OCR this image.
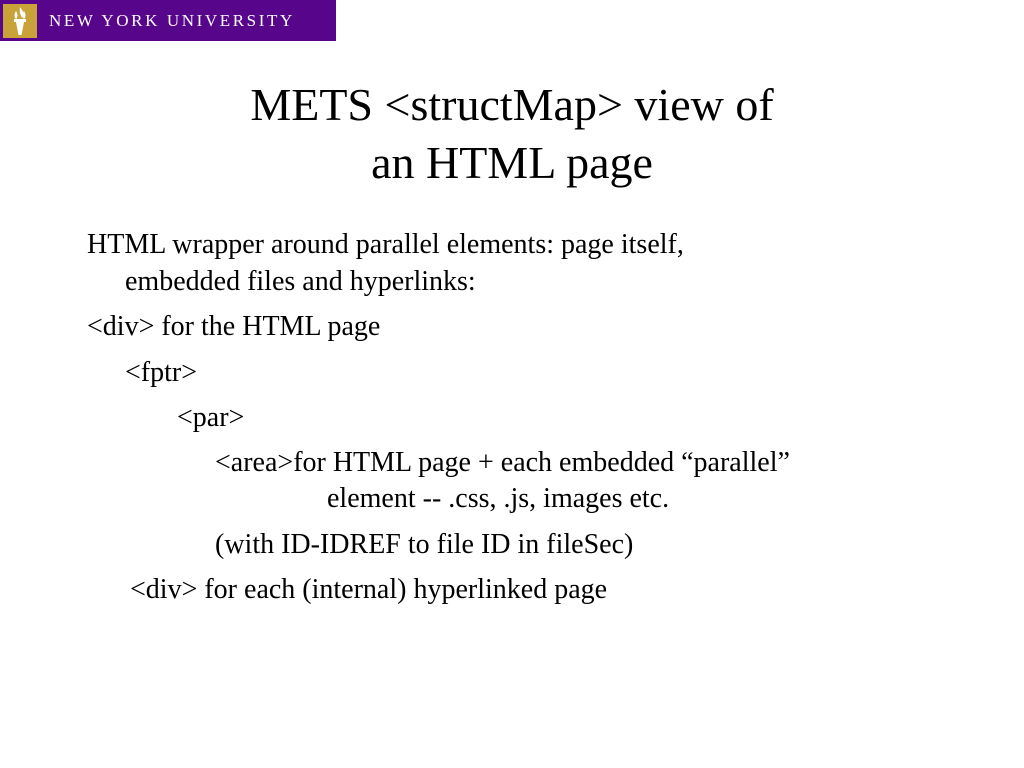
NEW YORK UNIVERSITY
METS <structMap> view of
an HTML page
HTML wrapper around parallel elements: page itself,
embedded files and hyperlinks:
<div> for the HTML page
<fptr>
<par>
<area>for HTML page + each embedded “parallel”
element -- .css, .js, images etc.
(with ID-IDREF to file ID in fileSec)
<div> for each (internal) hyperlinked page
